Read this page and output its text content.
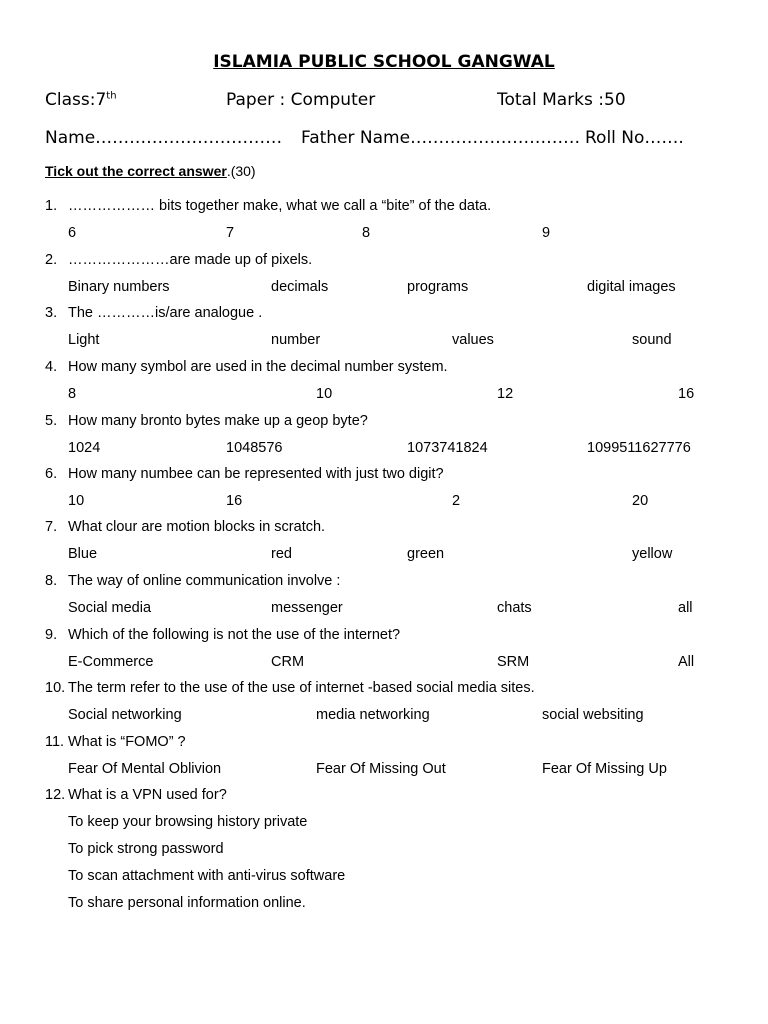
ISLAMIA PUBLIC SCHOOL GANGWAL
Class:7th	Paper : Computer	Total Marks :50
Name…………………………… Father Name………………………… Roll No…….
Tick out the correct answer.(30)
1. ……………… bits together make, what we call a “bite” of the data.
6	7	8	9
2. …………………are made up of pixels.
Binary numbers	decimals	programs	digital images
3. The …………is/are analogue .
Light	number	values	sound
4. How many symbol are used in the decimal number system.
8	10	12	16
5. How many bronto bytes make up a geop byte?
1024	1048576	1073741824	1099511627776
6. How many numbee can be represented with just two digit?
10	16	2	20
7. What clour are motion blocks in scratch.
Blue	red	green	yellow
8. The way of online communication involve :
Social media	messenger	chats	all
9. Which of the following is not the use of the internet?
E-Commerce	CRM	SRM	All
10. The term refer to the use of the use of internet -based social media sites.
Social networking	media networking	social websiting
11. What is “FOMO” ?
Fear Of Mental Oblivion	Fear Of Missing Out	Fear Of Missing Up
12. What is a VPN used for?
To keep your browsing history private
To pick strong password
To scan attachment with anti-virus software
To share personal information online.
